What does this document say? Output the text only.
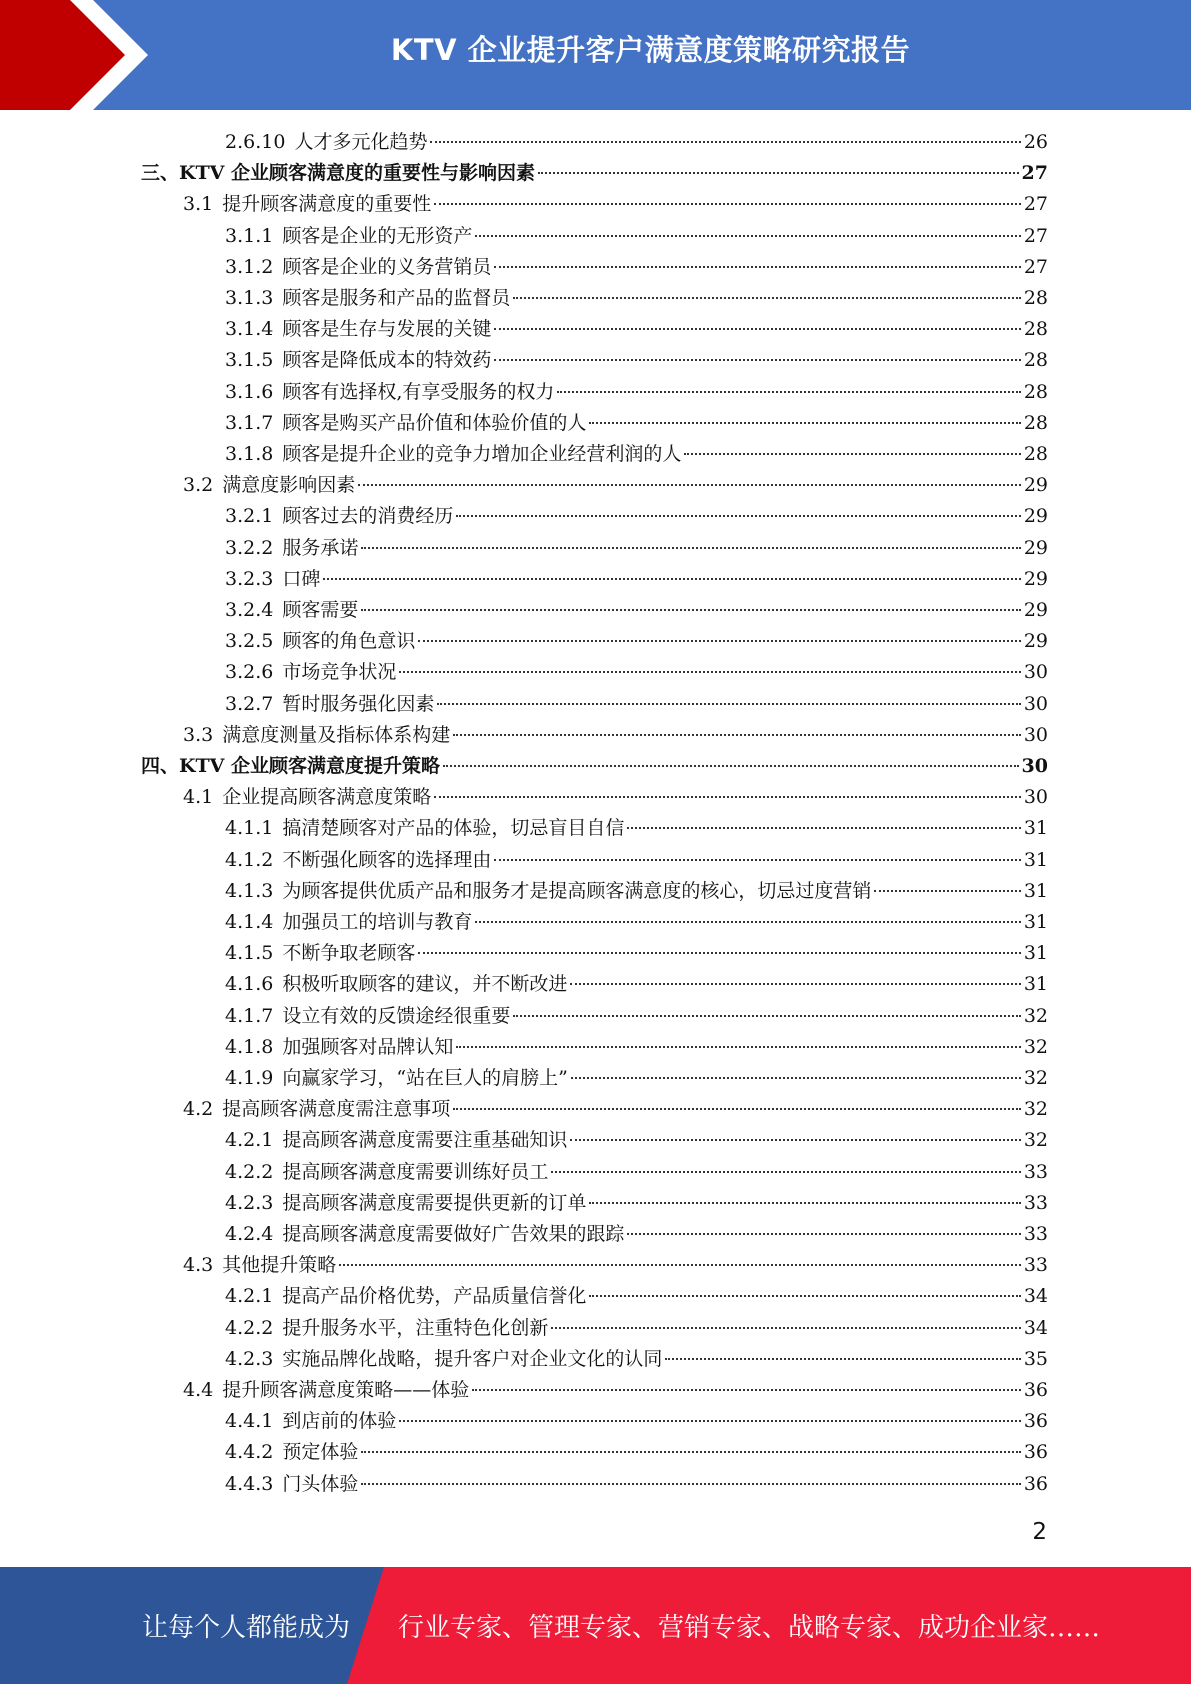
KTV 企业提升客户满意度策略研究报告
2.6.10 人才多元化趋势	26
三、KTV 企业顾客满意度的重要性与影响因素	27
3.1 提升顾客满意度的重要性	27
3.1.1 顾客是企业的无形资产	27
3.1.2 顾客是企业的义务营销员	27
3.1.3 顾客是服务和产品的监督员	28
3.1.4 顾客是生存与发展的关键	28
3.1.5 顾客是降低成本的特效药	28
3.1.6 顾客有选择权,有享受服务的权力	28
3.1.7 顾客是购买产品价值和体验价值的人	28
3.1.8 顾客是提升企业的竞争力增加企业经营利润的人	28
3.2 满意度影响因素	29
3.2.1 顾客过去的消费经历	29
3.2.2 服务承诺	29
3.2.3 口碑	29
3.2.4 顾客需要	29
3.2.5 顾客的角色意识	29
3.2.6 市场竞争状况	30
3.2.7 暂时服务强化因素	30
3.3 满意度测量及指标体系构建	30
四、KTV 企业顾客满意度提升策略	30
4.1 企业提高顾客满意度策略	30
4.1.1 搞清楚顾客对产品的体验，切忌盲目自信	31
4.1.2 不断强化顾客的选择理由	31
4.1.3 为顾客提供优质产品和服务才是提高顾客满意度的核心，切忌过度营销	31
4.1.4 加强员工的培训与教育	31
4.1.5 不断争取老顾客	31
4.1.6 积极听取顾客的建议，并不断改进	31
4.1.7 设立有效的反馈途经很重要	32
4.1.8 加强顾客对品牌认知	32
4.1.9 向赢家学习，“站在巨人的肩膀上”	32
4.2 提高顾客满意度需注意事项	32
4.2.1 提高顾客满意度需要注重基础知识	32
4.2.2 提高顾客满意度需要训练好员工	33
4.2.3 提高顾客满意度需要提供更新的订单	33
4.2.4 提高顾客满意度需要做好广告效果的跟踪	33
4.3 其他提升策略	33
4.2.1 提高产品价格优势，产品质量信誉化	34
4.2.2 提升服务水平，注重特色化创新	34
4.2.3 实施品牌化战略，提升客户对企业文化的认同	35
4.4 提升顾客满意度策略——体验	36
4.4.1 到店前的体验	36
4.4.2 预定体验	36
4.4.3 门头体验	36
2
让每个人都能成为 行业专家、管理专家、营销专家、战略专家、成功企业家……
